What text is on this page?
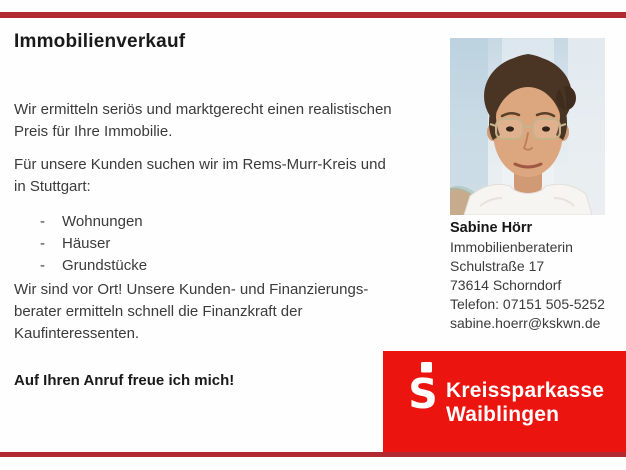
Immobilienverkauf
Wir ermitteln seriös und marktgerecht einen realistischen
Preis für Ihre Immobilie.
Für unsere Kunden suchen wir im Rems-Murr-Kreis und
in Stuttgart:
-	Wohnungen
-	Häuser
-	Grundstücke
Wir sind vor Ort! Unsere Kunden- und Finanzierungs-
berater ermitteln schnell die Finanzkraft der
Kaufinteressenten.
Auf Ihren Anruf freue ich mich!
Sabine Hörr
Immobilienberaterin
Schulstraße 17
73614 Schorndorf
Telefon: 07151 505-5252
sabine.hoerr@kskwn.de
S Kreissparkasse
Waiblingen
